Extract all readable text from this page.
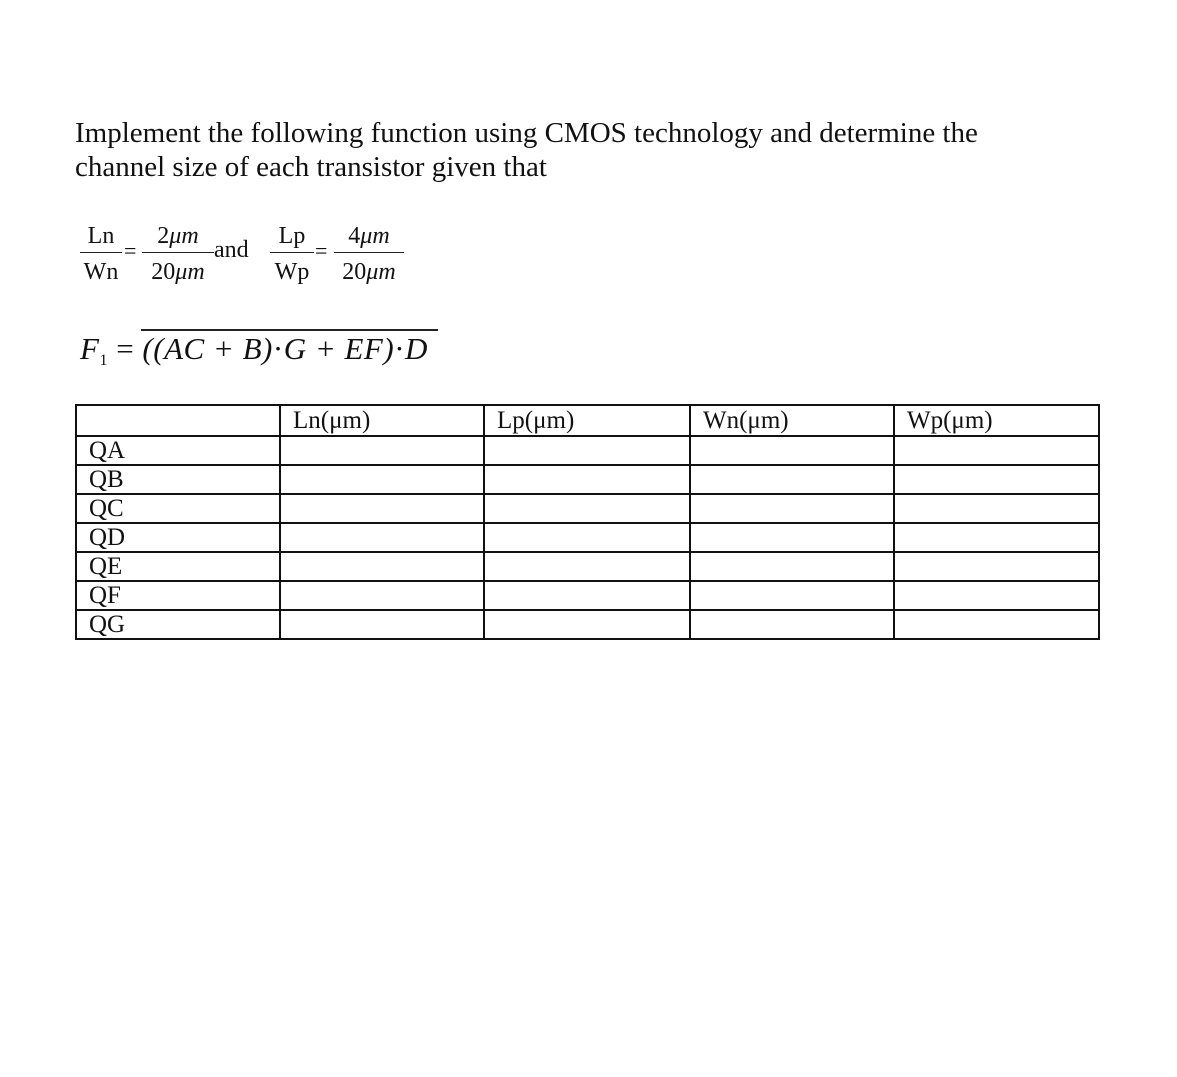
Implement the following function using CMOS technology and determine the
channel size of each transistor given that
Ln
Wn
=
2μm
20μm
and
Lp
Wp
=
4μm
20μm
$F_1 = ((AC + B)\cdot G + EF)\cdot D$
	Ln(μm)	Lp(μm)	Wn(μm)	Wp(μm)
QA				
QB				
QC				
QD				
QE				
QF				
QG				
